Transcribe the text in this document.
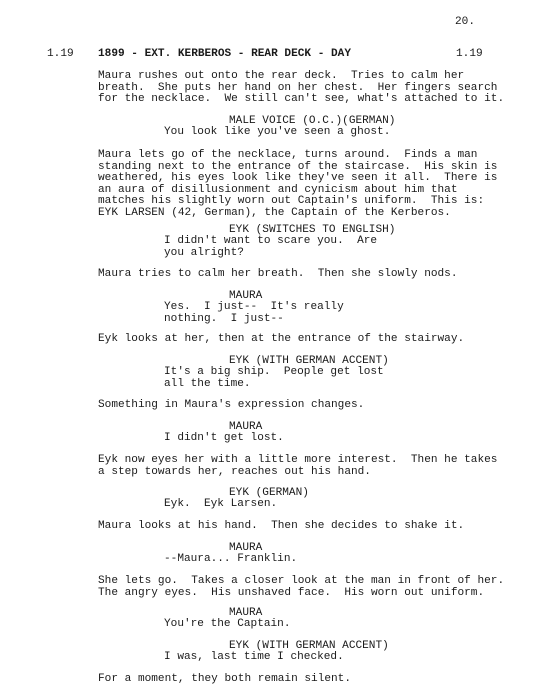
20.
1.19 1899 - EXT. KERBEROS - REAR DECK - DAY	1.19
Maura rushes out onto the rear deck.  Tries to calm her
breath.  She puts her hand on her chest.  Her fingers search
for the necklace.  We still can't see, what's attached to it.
MALE VOICE (O.C.)(GERMAN)
You look like you've seen a ghost.
Maura lets go of the necklace, turns around.  Finds a man
standing next to the entrance of the staircase.  His skin is
weathered, his eyes look like they've seen it all.  There is
an aura of disillusionment and cynicism about him that
matches his slightly worn out Captain's uniform.  This is:
EYK LARSEN (42, German), the Captain of the Kerberos.
EYK (SWITCHES TO ENGLISH)
I didn't want to scare you.  Are
you alright?
Maura tries to calm her breath.  Then she slowly nods.
MAURA
Yes.  I just--  It's really
nothing.  I just--
Eyk looks at her, then at the entrance of the stairway.
EYK (WITH GERMAN ACCENT)
It's a big ship.  People get lost
all the time.
Something in Maura's expression changes.
MAURA
I didn't get lost.
Eyk now eyes her with a little more interest.  Then he takes
a step towards her, reaches out his hand.
EYK (GERMAN)
Eyk.  Eyk Larsen.
Maura looks at his hand.  Then she decides to shake it.
MAURA
--Maura... Franklin.
She lets go.  Takes a closer look at the man in front of her.
The angry eyes.  His unshaved face.  His worn out uniform.
MAURA
You're the Captain.
EYK (WITH GERMAN ACCENT)
I was, last time I checked.
For a moment, they both remain silent.
